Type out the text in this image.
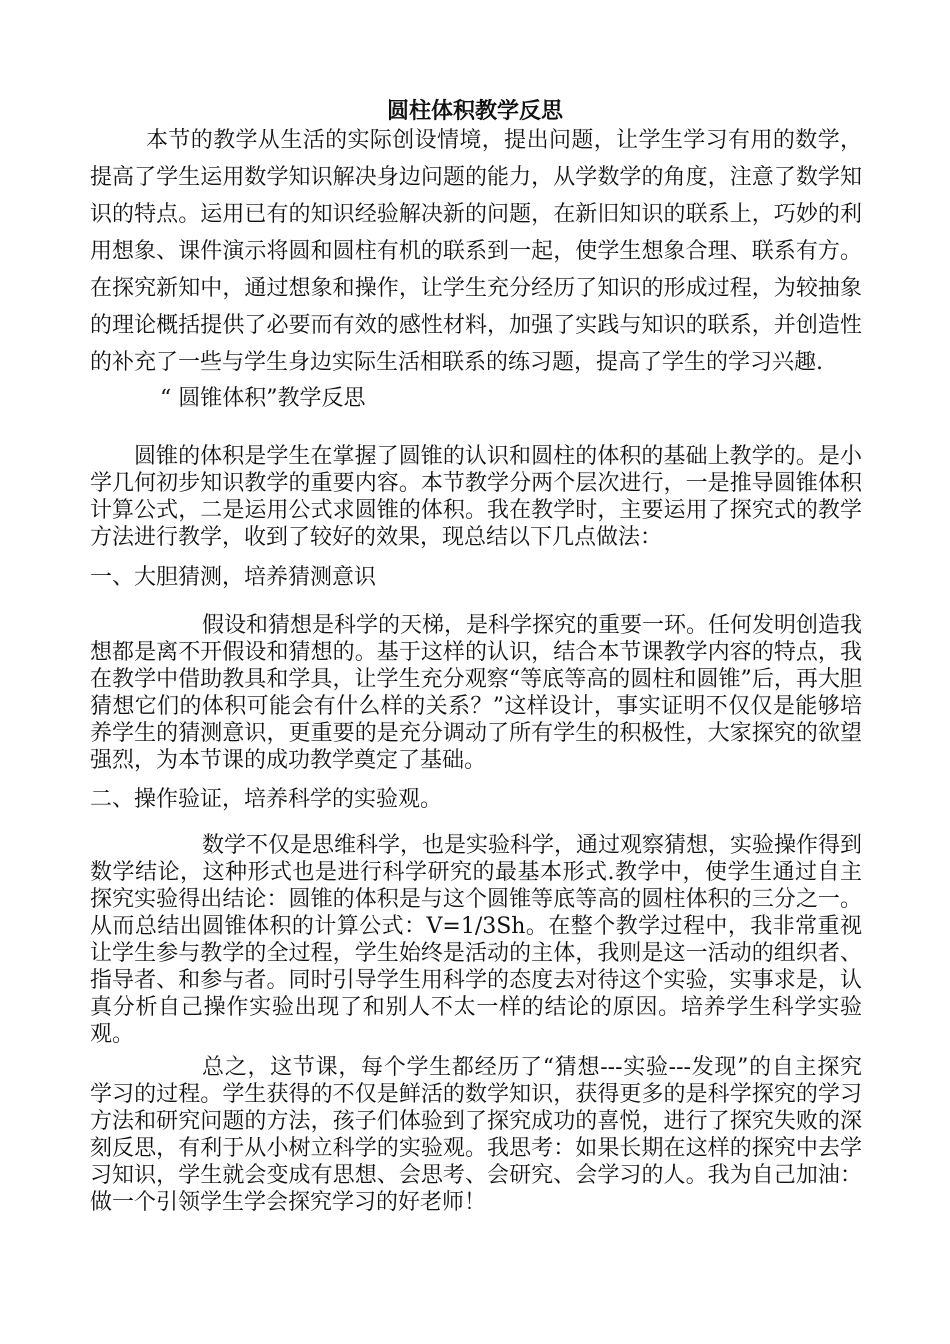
圆柱体积教学反思

本节的教学从生活的实际创设情境，提出问题，让学生学习有用的数学，提高了学生运用数学知识解决身边问题的能力，从学数学的角度，注意了数学知识的特点。运用已有的知识经验解决新的问题，在新旧知识的联系上，巧妙的利用想象、课件演示将圆和圆柱有机的联系到一起，使学生想象合理、联系有方。在探究新知中，通过想象和操作，让学生充分经历了知识的形成过程，为较抽象的理论概括提供了必要而有效的感性材料，加强了实践与知识的联系，并创造性的补充了一些与学生身边实际生活相联系的练习题，提高了学生的学习兴趣.

“ 圆锥体积”教学反思

圆锥的体积是学生在掌握了圆锥的认识和圆柱的体积的基础上教学的。是小学几何初步知识教学的重要内容。本节教学分两个层次进行，一是推导圆锥体积计算公式，二是运用公式求圆锥的体积。我在教学时，主要运用了探究式的教学方法进行教学，收到了较好的效果，现总结以下几点做法：

一、大胆猜测，培养猜测意识

假设和猜想是科学的天梯，是科学探究的重要一环。任何发明创造我想都是离不开假设和猜想的。基于这样的认识，结合本节课教学内容的特点，我在教学中借助教具和学具，让学生充分观察“等底等高的圆柱和圆锥”后，再大胆猜想它们的体积可能会有什么样的关系？”这样设计，事实证明不仅仅是能够培养学生的猜测意识，更重要的是充分调动了所有学生的积极性，大家探究的欲望强烈，为本节课的成功教学奠定了基础。

二、操作验证，培养科学的实验观。

数学不仅是思维科学，也是实验科学，通过观察猜想，实验操作得到数学结论，这种形式也是进行科学研究的最基本形式.教学中，使学生通过自主探究实验得出结论：圆锥的体积是与这个圆锥等底等高的圆柱体积的三分之一。从而总结出圆锥体积的计算公式：V=1/3Sh。在整个教学过程中，我非常重视让学生参与教学的全过程，学生始终是活动的主体，我则是这一活动的组织者、指导者、和参与者。同时引导学生用科学的态度去对待这个实验，实事求是，认真分析自己操作实验出现了和别人不太一样的结论的原因。培养学生科学实验观。

总之，这节课，每个学生都经历了“猜想---实验---发现”的自主探究学习的过程。学生获得的不仅是鲜活的数学知识，获得更多的是科学探究的学习方法和研究问题的方法，孩子们体验到了探究成功的喜悦，进行了探究失败的深刻反思，有利于从小树立科学的实验观。我思考：如果长期在这样的探究中去学习知识，学生就会变成有思想、会思考、会研究、会学习的人。我为自己加油：做一个引领学生学会探究学习的好老师！
